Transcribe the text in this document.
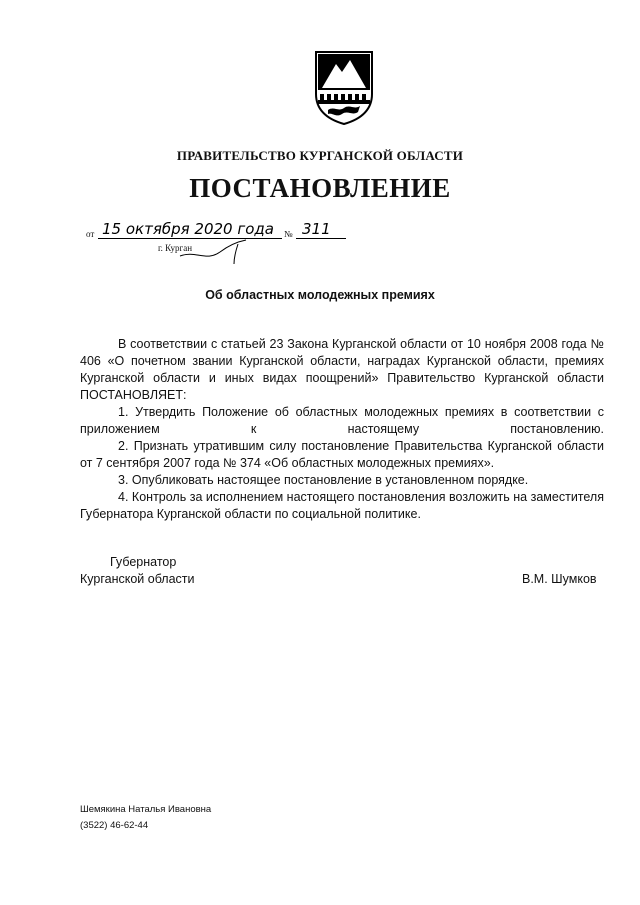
ПРАВИТЕЛЬСТВО КУРГАНСКОЙ ОБЛАСТИ
ПОСТАНОВЛЕНИЕ
от 15 октября 2020 года № 311
г. Курган
Об областных молодежных премиях

В соответствии с статьей 23 Закона Курганской области от 10 ноября 2008 года № 406 «О почетном звании Курганской области, наградах Курганской области, премиях Курганской области и иных видах поощрений» Правительство Курганской области ПОСТАНОВЛЯЕТ:

1. Утвердить Положение об областных молодежных премиях в соответствии с приложением к настоящему постановлению.

2. Признать утратившим силу постановление Правительства Курганской области от 7 сентября 2007 года № 374 «Об областных молодежных премиях».

3. Опубликовать настоящее постановление в установленном порядке.

4. Контроль за исполнением настоящего постановления возложить на заместителя Губернатора Курганской области по социальной политике.

Губернатор
Курганской области	В.М. Шумков
Шемякина Наталья Ивановна
(3522) 46-62-44
